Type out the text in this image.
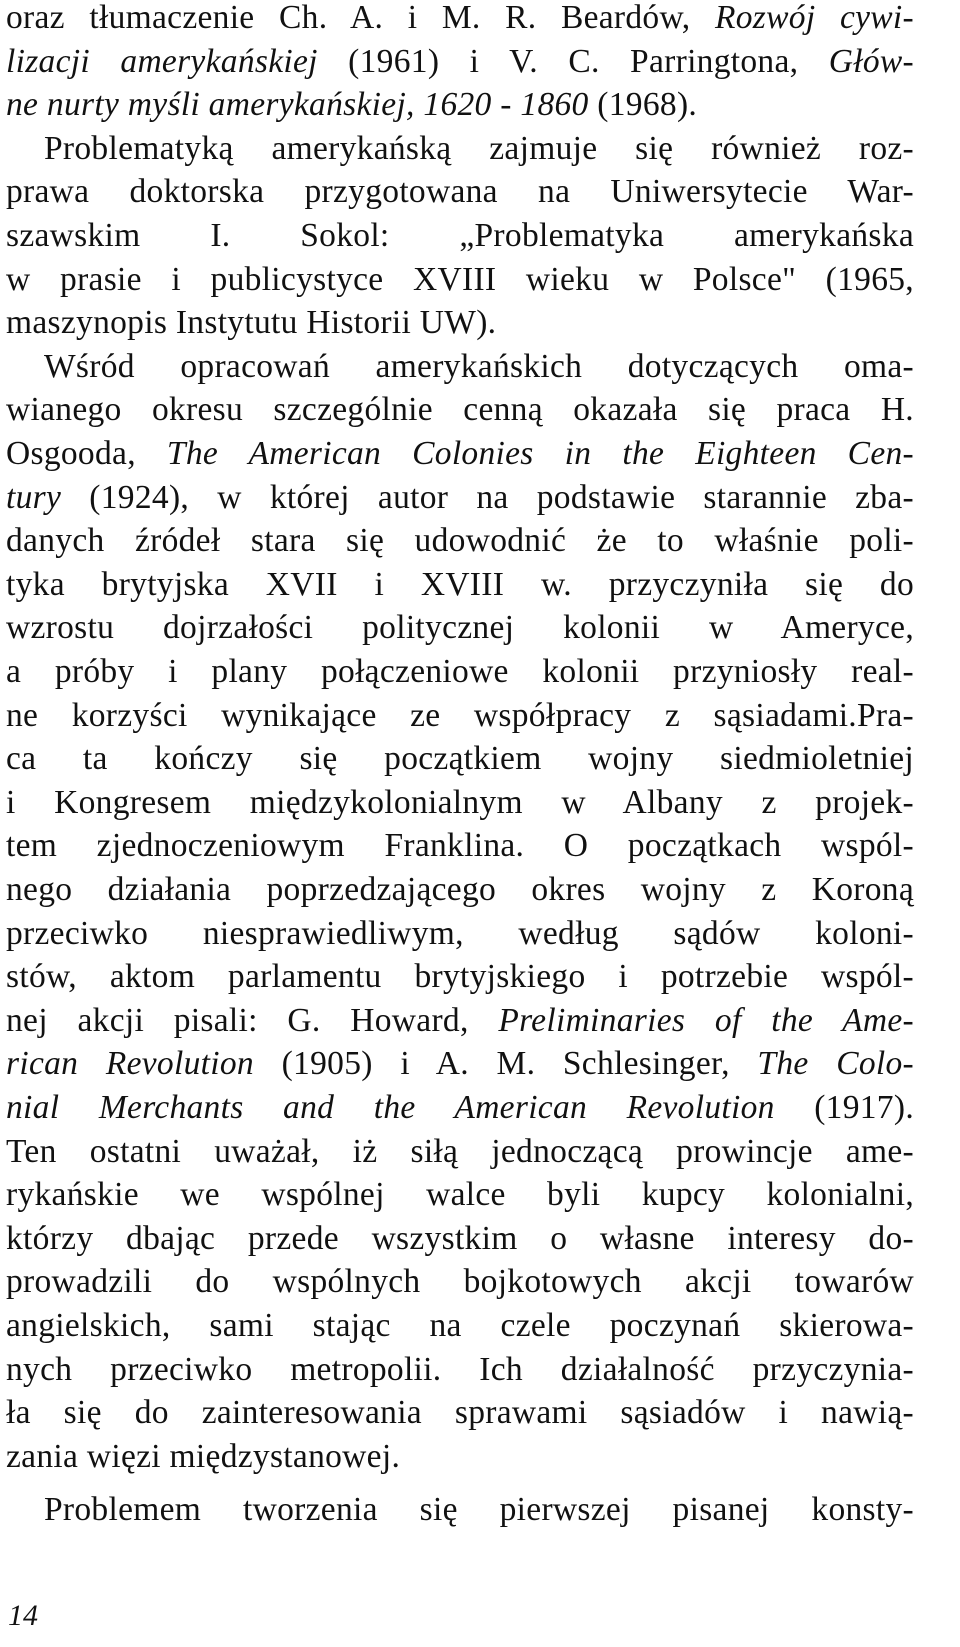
oraz tłumaczenie Ch. A. i M. R. Beardów, Rozwój cywi-
lizacji amerykańskiej (1961) i V. C. Parringtona, Głów-
ne nurty myśli amerykańskiej, 1620 - 1860 (1968).
Problematyką amerykańską zajmuje się również roz-
prawa doktorska przygotowana na Uniwersytecie War-
szawskim I. Sokol: „Problematyka amerykańska
w prasie i publicystyce XVIII wieku w Polsce" (1965,
maszynopis Instytutu Historii UW).
Wśród opracowań amerykańskich dotyczących oma-
wianego okresu szczególnie cenną okazała się praca H.
Osgooda, The American Colonies in the Eighteen Cen-
tury (1924), w której autor na podstawie starannie zba-
danych źródeł stara się udowodnić że to właśnie poli-
tyka brytyjska XVII i XVIII w. przyczyniła się do
wzrostu dojrzałości politycznej kolonii w Ameryce,
a próby i plany połączeniowe kolonii przyniosły real-
ne korzyści wynikające ze współpracy z sąsiadami.Pra-
ca ta kończy się początkiem wojny siedmioletniej
i Kongresem międzykolonialnym w Albany z projek-
tem zjednoczeniowym Franklina. O początkach wspól-
nego działania poprzedzającego okres wojny z Koroną
przeciwko niesprawiedliwym, według sądów koloni-
stów, aktom parlamentu brytyjskiego i potrzebie wspól-
nej akcji pisali: G. Howard, Preliminaries of the Ame-
rican Revolution (1905) i A. M. Schlesinger, The Colo-
nial Merchants and the American Revolution (1917).
Ten ostatni uważał, iż siłą jednoczącą prowincje ame-
rykańskie we wspólnej walce byli kupcy kolonialni,
którzy dbając przede wszystkim o własne interesy do-
prowadzili do wspólnych bojkotowych akcji towarów
angielskich, sami stając na czele poczynań skierowa-
nych przeciwko metropolii. Ich działalność przyczynia-
ła się do zainteresowania sprawami sąsiadów i nawią-
zania więzi międzystanowej.
Problemem tworzenia się pierwszej pisanej konsty-
14
